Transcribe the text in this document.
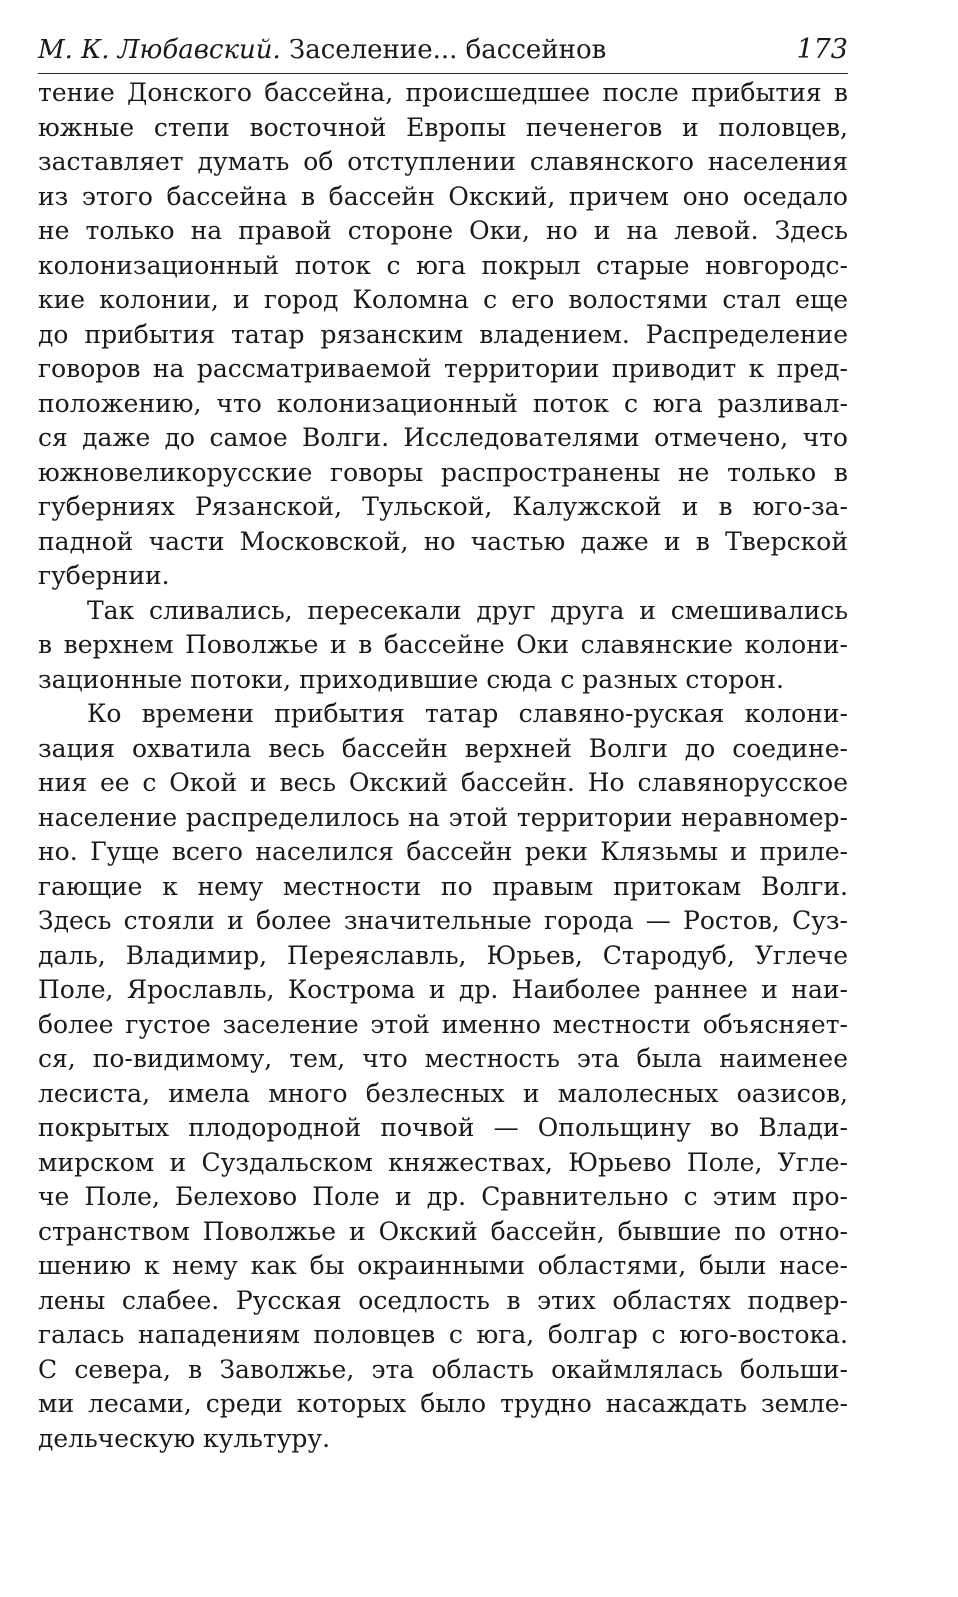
М. К. Любавский. Заселение... бассейнов	173
тение Донского бассейна, происшедшее после прибытия в
южные степи восточной Европы печенегов и половцев,
заставляет думать об отступлении славянского населения
из этого бассейна в бассейн Окский, причем оно оседало
не только на правой стороне Оки, но и на левой. Здесь
колонизационный поток с юга покрыл старые новгородс-
кие колонии, и город Коломна с его волостями стал еще
до прибытия татар рязанским владением. Распределение
говоров на рассматриваемой территории приводит к пред-
положению, что колонизационный поток с юга разливал-
ся даже до самое Волги. Исследователями отмечено, что
южновеликорусские говоры распространены не только в
губерниях Рязанской, Тульской, Калужской и в юго-за-
падной части Московской, но частью даже и в Тверской
губернии.
Так сливались, пересекали друг друга и смешивались
в верхнем Поволжье и в бассейне Оки славянские колони-
зационные потоки, приходившие сюда с разных сторон.
Ко времени прибытия татар славяно-руская колони-
зация охватила весь бассейн верхней Волги до соедине-
ния ее с Окой и весь Окский бассейн. Но славянорусское
население распределилось на этой территории неравномер-
но. Гуще всего населился бассейн реки Клязьмы и приле-
гающие к нему местности по правым притокам Волги.
Здесь стояли и более значительные города — Ростов, Суз-
даль, Владимир, Переяславль, Юрьев, Стародуб, Углече
Поле, Ярославль, Кострома и др. Наиболее раннее и наи-
более густое заселение этой именно местности объясняет-
ся, по-видимому, тем, что местность эта была наименее
лесиста, имела много безлесных и малолесных оазисов,
покрытых плодородной почвой — Опольщину во Влади-
мирском и Суздальском княжествах, Юрьево Поле, Угле-
че Поле, Белехово Поле и др. Сравнительно с этим про-
странством Поволжье и Окский бассейн, бывшие по отно-
шению к нему как бы окраинными областями, были насе-
лены слабее. Русская оседлость в этих областях подвер-
галась нападениям половцев с юга, болгар с юго-востока.
С севера, в Заволжье, эта область окаймлялась больши-
ми лесами, среди которых было трудно насаждать земле-
дельческую культуру.
